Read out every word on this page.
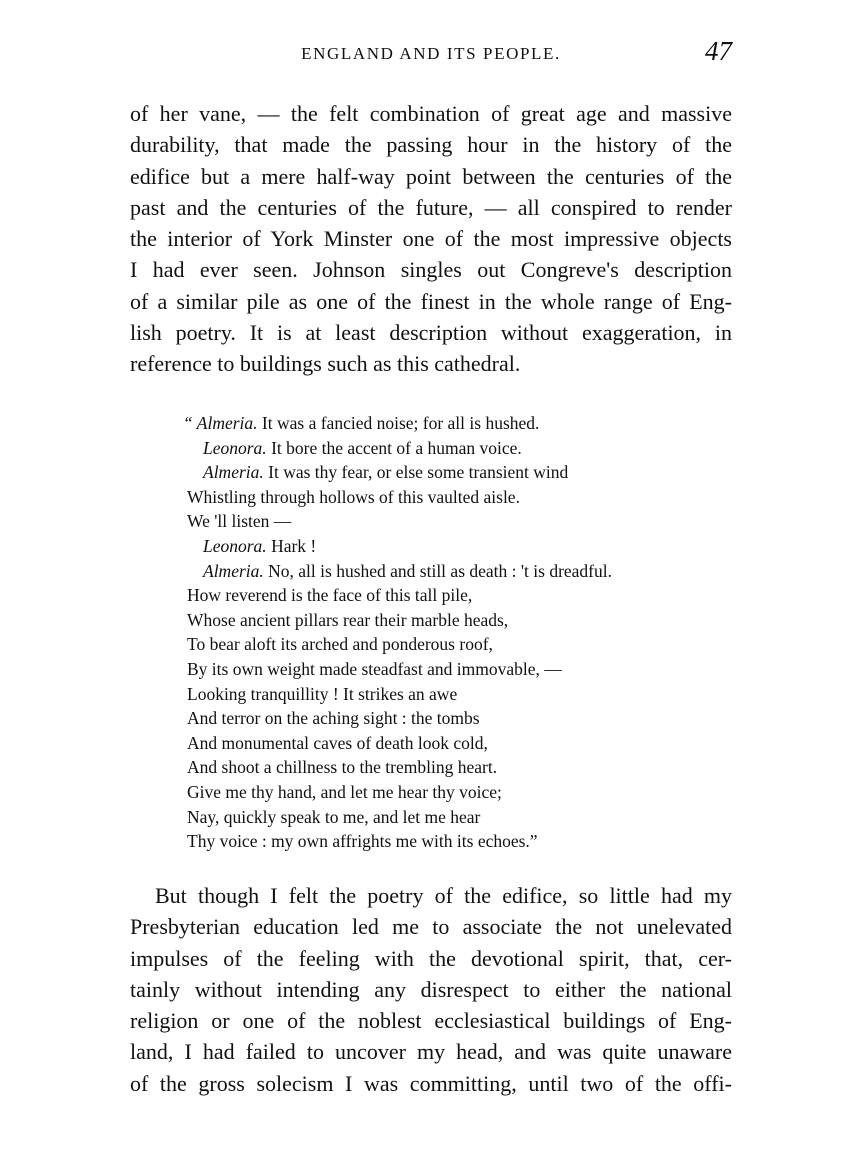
ENGLAND AND ITS PEOPLE.	47
of her vane, — the felt combination of great age and massive
durability, that made the passing hour in the history of the
edifice but a mere half-way point between the centuries of the
past and the centuries of the future, — all conspired to render
the interior of York Minster one of the most impressive objects
I had ever seen. Johnson singles out Congreve's description
of a similar pile as one of the finest in the whole range of Eng-
lish poetry. It is at least description without exaggeration, in
reference to buildings such as this cathedral.
“ Almeria. It was a fancied noise; for all is hushed.
Leonora. It bore the accent of a human voice.
Almeria. It was thy fear, or else some transient wind
Whistling through hollows of this vaulted aisle.
We 'll listen —
Leonora. Hark !
Almeria. No, all is hushed and still as death : 't is dreadful.
How reverend is the face of this tall pile,
Whose ancient pillars rear their marble heads,
To bear aloft its arched and ponderous roof,
By its own weight made steadfast and immovable, —
Looking tranquillity ! It strikes an awe
And terror on the aching sight : the tombs
And monumental caves of death look cold,
And shoot a chillness to the trembling heart.
Give me thy hand, and let me hear thy voice;
Nay, quickly speak to me, and let me hear
Thy voice : my own affrights me with its echoes.”
But though I felt the poetry of the edifice, so little had my
Presbyterian education led me to associate the not unelevated
impulses of the feeling with the devotional spirit, that, cer-
tainly without intending any disrespect to either the national
religion or one of the noblest ecclesiastical buildings of Eng-
land, I had failed to uncover my head, and was quite unaware
of the gross solecism I was committing, until two of the offi-
